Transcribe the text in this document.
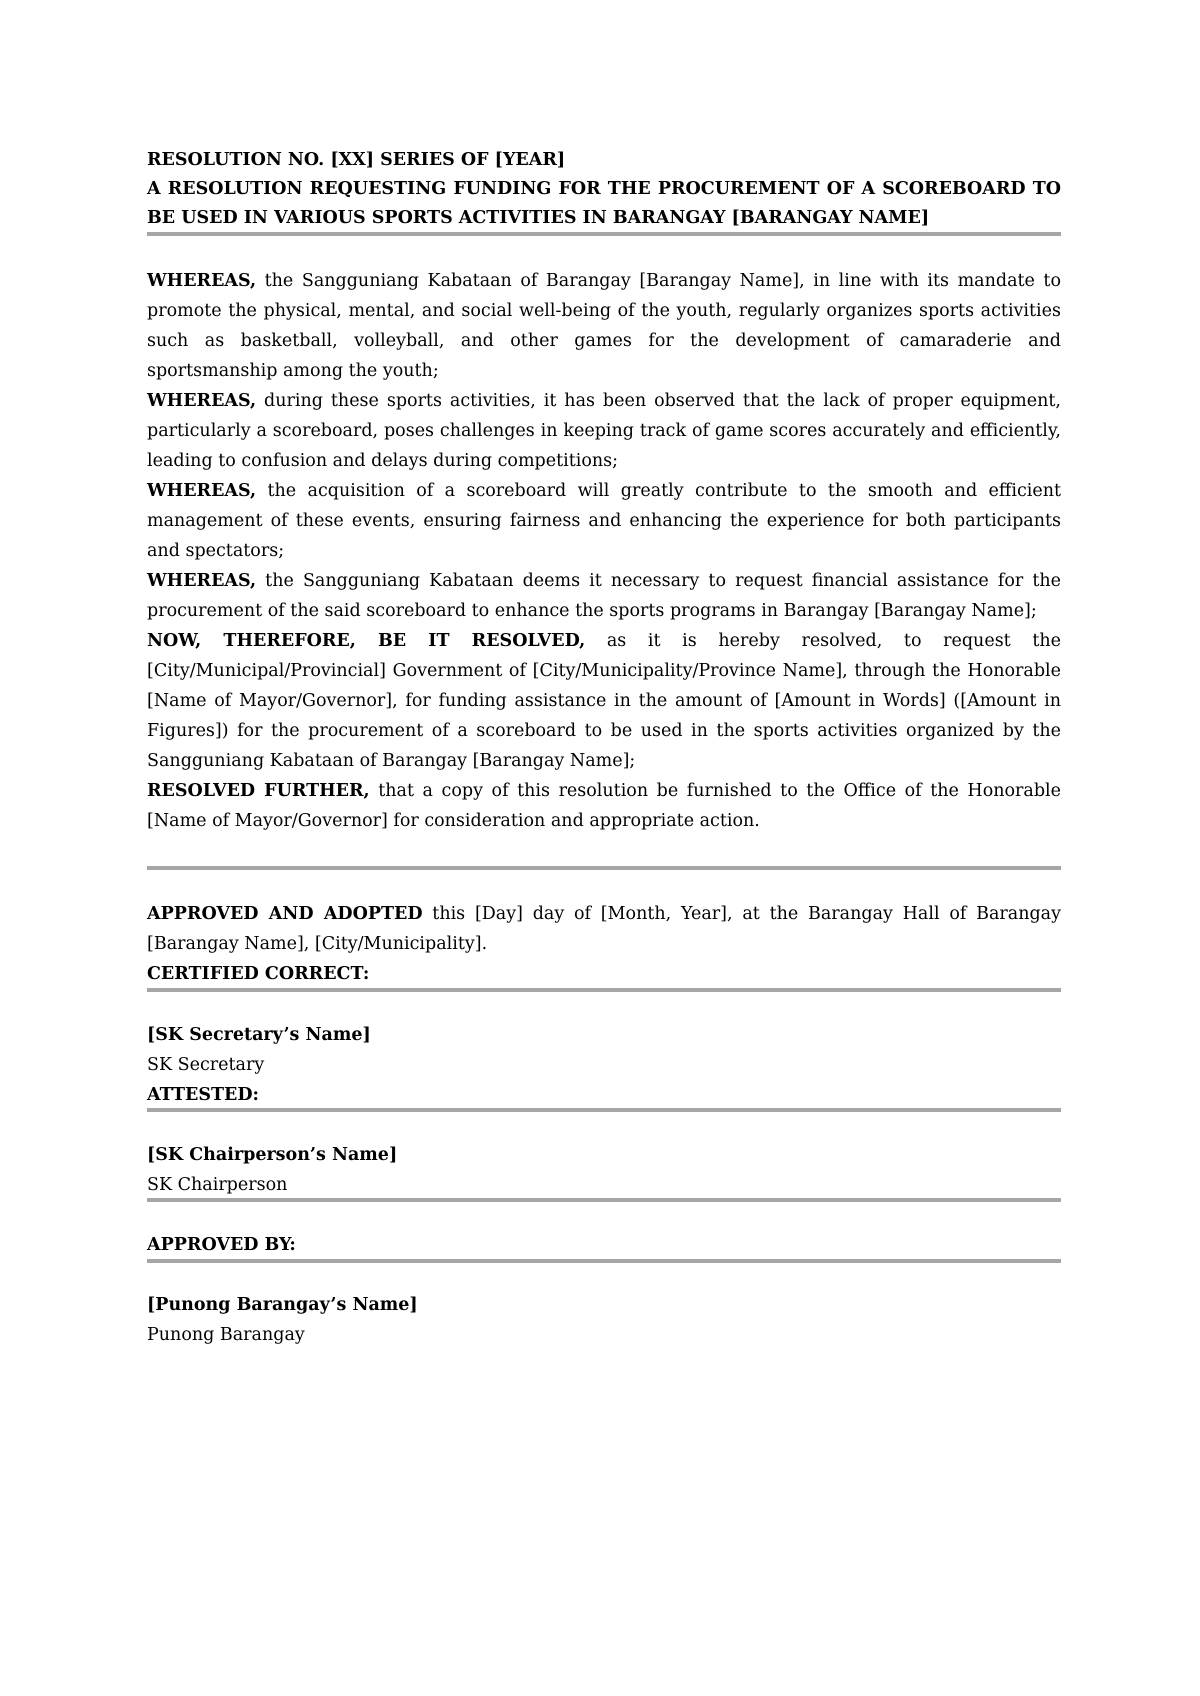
RESOLUTION NO. [XX] SERIES OF [YEAR]
A RESOLUTION REQUESTING FUNDING FOR THE PROCUREMENT OF A SCOREBOARD TO BE USED IN VARIOUS SPORTS ACTIVITIES IN BARANGAY [BARANGAY NAME]

WHEREAS, the Sangguniang Kabataan of Barangay [Barangay Name], in line with its mandate to promote the physical, mental, and social well-being of the youth, regularly organizes sports activities such as basketball, volleyball, and other games for the development of camaraderie and sportsmanship among the youth;

WHEREAS, during these sports activities, it has been observed that the lack of proper equipment, particularly a scoreboard, poses challenges in keeping track of game scores accurately and efficiently, leading to confusion and delays during competitions;

WHEREAS, the acquisition of a scoreboard will greatly contribute to the smooth and efficient management of these events, ensuring fairness and enhancing the experience for both participants and spectators;

WHEREAS, the Sangguniang Kabataan deems it necessary to request financial assistance for the procurement of the said scoreboard to enhance the sports programs in Barangay [Barangay Name];

NOW, THEREFORE, BE IT RESOLVED, as it is hereby resolved, to request the [City/Municipal/Provincial] Government of [City/Municipality/Province Name], through the Honorable [Name of Mayor/Governor], for funding assistance in the amount of [Amount in Words] ([Amount in Figures]) for the procurement of a scoreboard to be used in the sports activities organized by the Sangguniang Kabataan of Barangay [Barangay Name];

RESOLVED FURTHER, that a copy of this resolution be furnished to the Office of the Honorable [Name of Mayor/Governor] for consideration and appropriate action.

APPROVED AND ADOPTED this [Day] day of [Month, Year], at the Barangay Hall of Barangay [Barangay Name], [City/Municipality].

CERTIFIED CORRECT:
[SK Secretary’s Name]
SK Secretary
ATTESTED:
[SK Chairperson’s Name]
SK Chairperson
APPROVED BY:
[Punong Barangay’s Name]
Punong Barangay
